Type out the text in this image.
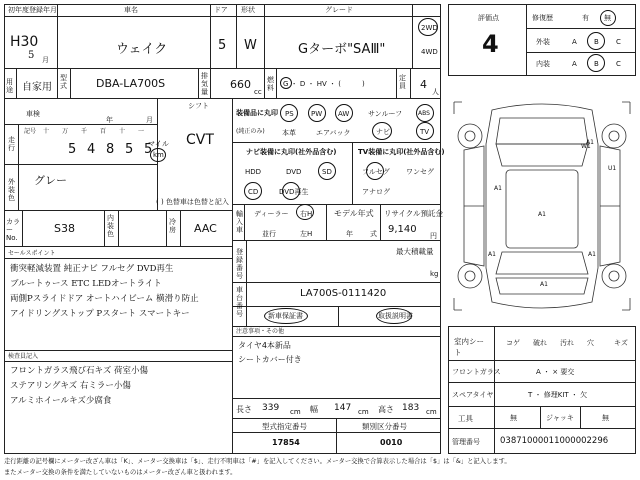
初年度登録年月	車名	ドア 形状	グレード
H30
5 月
ウェイク	5 W	Gターボ"SAⅢ"
2WD
4WD
用途 自家用
型式	DBA-LA700S
排気量
660
cc
燃料 G ・ D ・ HV ・ (　　　)
定員 4
人
車検
年	月
走行
記号 十 万 千 百 十 一
5 4 8 5 5
マイル
km
シフト
CVT
外装色
グレー
( ) 色替車は色替と記入
カラーNo.
S38
内装色
冷房 AAC
セールスポイント
衝突軽減装置 純正ナビ フルセグ DVD再生
ブルートゥース ETC LEDオートライト
両側Pスライドドア オートハイビーム 横滑り防止
アイドリングストップ Pスタート スマートキー
検査員記入
フロントガラス飛び石キズ 荷室小傷
ステアリングキズ 右ミラー小傷
アルミホイールキズ少腐食
装備品に丸印
(純正のみ)
PS PW AW	サンルーフ	ABS
本革	エアバック	ナビ	TV
ナビ装備に丸印(社外品含む)
HDD	DVD	SD
CD	DVD再生
TV装備に丸印(社外品含む)
フルセグ ワンセグ
アナログ
輸入車
ディーラー
並行
右H
左H
モデル年式
年 式
リサイクル預託金
9,140
円
登録番号
最大積載量
kg
車台番号
LA700S-0111420
新車保証書	取扱説明書
注意事項・その他
タイヤ4本新品
シートカバー付き
長さ 339 cm 幅 147 cm 高さ 183 cm
型式指定番号
17854
類別区分番号
0010
評価点
4
修復歴	有 無
外装	A B C
内装	A B C
A1
A1
A1
A1
A1
U1
W1
A1
室内シート
コゲ 破れ 汚れ 穴	キズ
フロントガラス	A ・ × 要交
スペアタイヤ	T ・ 修理KIT ・ 欠
工具	無	ジャッキ	無
管理番号 03871000011000002296
走行距離の記号欄にメーター改ざん車は「K」、メーター交換車は「$」、走行不明車は「#」を記入してください。メーター交換で合算表示した場合は「$」は「&」と記入します。
またメーター交換の条件を満たしていないものはメーター改ざん車と扱われます。
